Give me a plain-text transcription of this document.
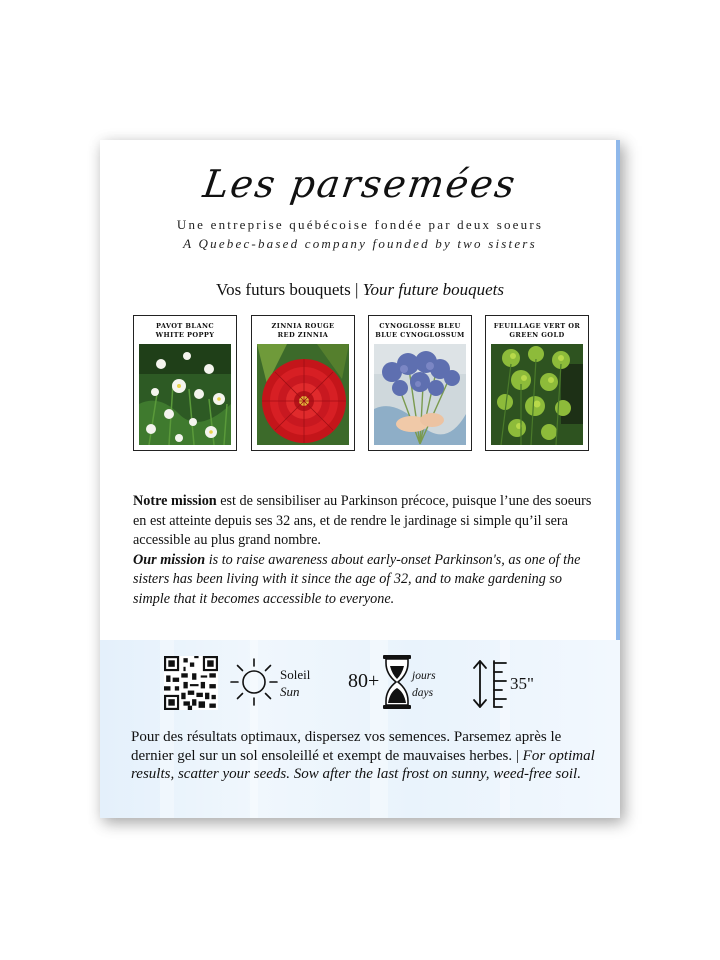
Les parsemées
Une entreprise québécoise fondée par deux soeurs
A Quebec-based company founded by two sisters
Vos futurs bouquets | Your future bouquets
PAVOT BLANC
WHITE POPPY
ZINNIA ROUGE
RED ZINNIA
CYNOGLOSSE BLEU
BLUE CYNOGLOSSUM
FEUILLAGE VERT OR
GREEN GOLD

Notre mission est de sensibiliser au Parkinson précoce, puisque l’une des soeurs en est atteinte depuis ses 32 ans, et de rendre le jardinage si simple qu’il sera accessible au plus grand nombre.

Our mission is to raise awareness about early-onset Parkinson's, as one of the sisters has been living with it since the age of 32, and to make gardening so simple that it becomes accessible to everyone.

Soleil
Sun	80+	jours
days	35"
Pour des résultats optimaux, dispersez vos semences. Parsemez après le dernier gel sur un sol ensoleillé et exempt de mauvaises herbes. | For optimal results, scatter your seeds. Sow after the last frost on sunny, weed-free soil.
